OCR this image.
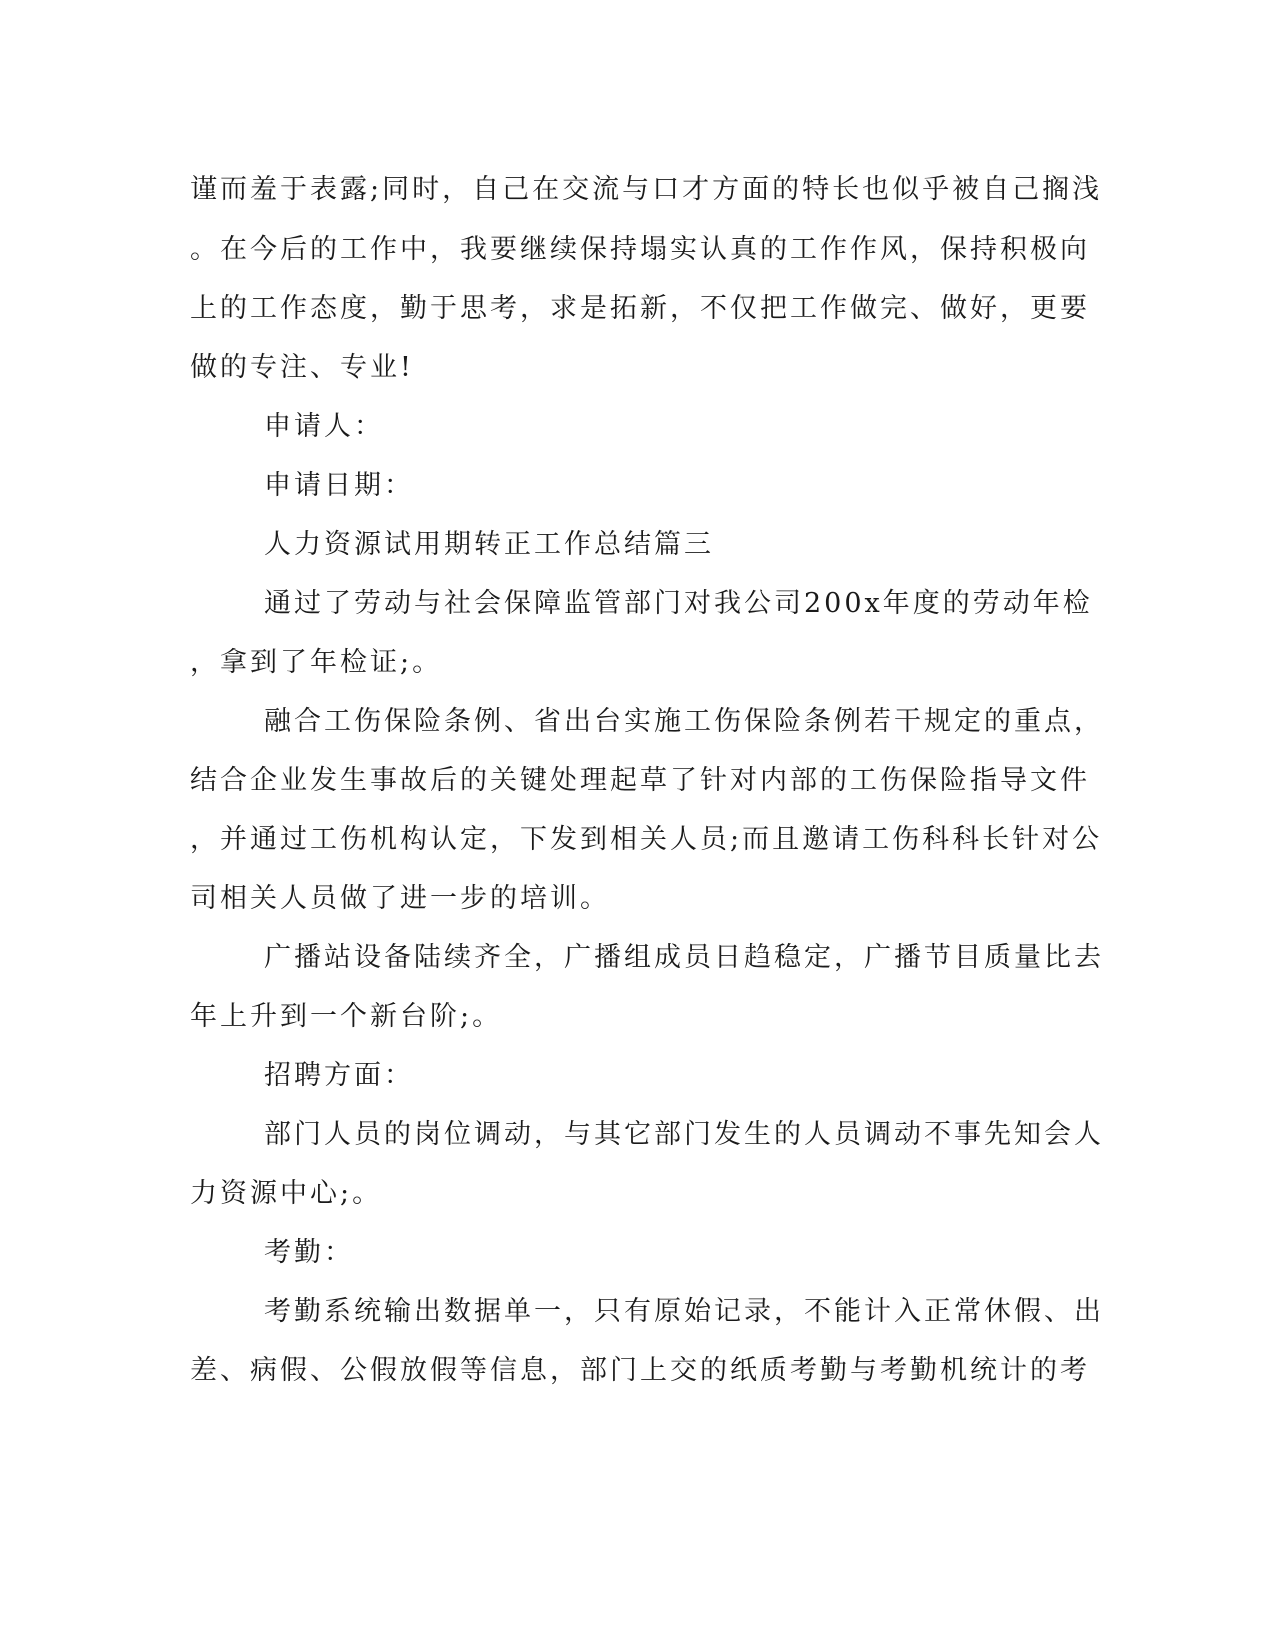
谨而羞于表露;同时，自己在交流与口才方面的特长也似乎被自己搁浅
。在今后的工作中，我要继续保持塌实认真的工作作风，保持积极向
上的工作态度，勤于思考，求是拓新，不仅把工作做完、做好，更要
做的专注、专业!
申请人：
申请日期：
人力资源试用期转正工作总结篇三
通过了劳动与社会保障监管部门对我公司200x年度的劳动年检
，拿到了年检证;。
融合工伤保险条例、省出台实施工伤保险条例若干规定的重点，
结合企业发生事故后的关键处理起草了针对内部的工伤保险指导文件
，并通过工伤机构认定，下发到相关人员;而且邀请工伤科科长针对公
司相关人员做了进一步的培训。
广播站设备陆续齐全，广播组成员日趋稳定，广播节目质量比去
年上升到一个新台阶;。
招聘方面：
部门人员的岗位调动，与其它部门发生的人员调动不事先知会人
力资源中心;。
考勤：
考勤系统输出数据单一，只有原始记录，不能计入正常休假、出
差、病假、公假放假等信息，部门上交的纸质考勤与考勤机统计的考
